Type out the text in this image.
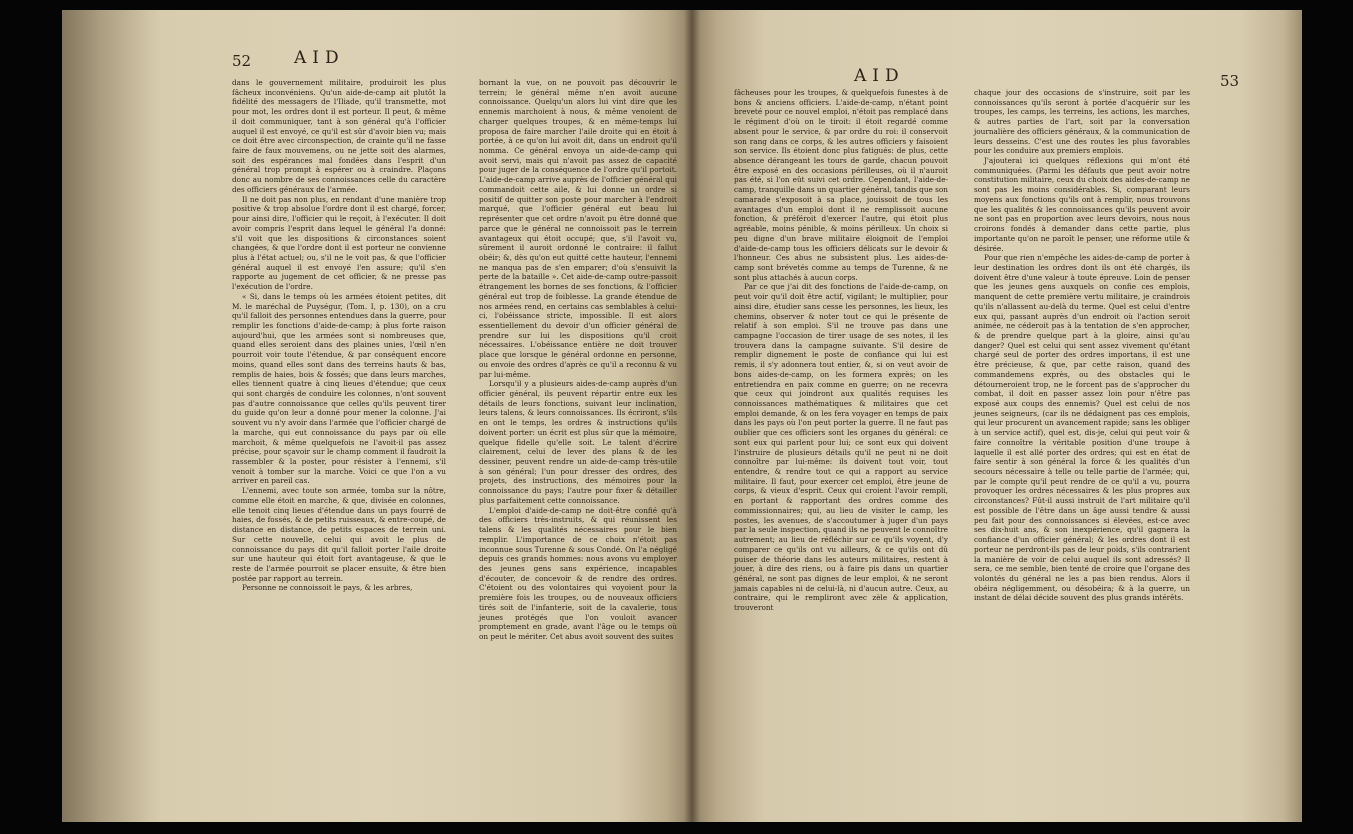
52	AID

dans le gouvernement militaire, produiroit les plus fâcheux inconvéniens. Qu'un aide-de-camp ait plutôt la fidélité des messagers de l'Iliade, qu'il transmette, mot pour mot, les ordres dont il est porteur. Il peut, & même il doit communiquer, tant à son général qu'à l'officier auquel il est envoyé, ce qu'il est sûr d'avoir bien vu; mais ce doit être avec circonspection, de crainte qu'il ne fasse faire de faux mouvemens, ou ne jette soit des alarmes, soit des espérances mal fondées dans l'esprit d'un général trop prompt à espérer ou à craindre. Plaçons donc au nombre de ses connoissances celle du caractère des officiers généraux de l'armée.

Il ne doit pas non plus, en rendant d'une manière trop positive & trop absolue l'ordre dont il est chargé, forcer, pour ainsi dire, l'officier qui le reçoit, à l'exécuter. Il doit avoir compris l'esprit dans lequel le général l'a donné: s'il voit que les dispositions & circonstances soient changées, & que l'ordre dont il est porteur ne convienne plus à l'état actuel; ou, s'il ne le voit pas, & que l'officier général auquel il est envoyé l'en assure; qu'il s'en rapporte au jugement de cet officier, & ne presse pas l'exécution de l'ordre.

« Si, dans le temps où les armées étoient petites, dit M. le maréchal de Puységur, (Tom. I, p. 130), on a cru qu'il falloit des personnes entendues dans la guerre, pour remplir les fonctions d'aide-de-camp; à plus forte raison aujourd'hui, que les armées sont si nombreuses que, quand elles seroient dans des plaines unies, l'œil n'en pourroit voir toute l'étendue, & par conséquent encore moins, quand elles sont dans des terreins hauts & bas, remplis de haies, bois & fossés; que dans leurs marches, elles tiennent quatre à cinq lieues d'étendue; que ceux qui sont chargés de conduire les colonnes, n'ont souvent pas d'autre connoissance que celles qu'ils peuvent tirer du guide qu'on leur a donné pour mener la colonne. J'ai souvent vu n'y avoir dans l'armée que l'officier chargé de la marche, qui eut connoissance du pays par où elle marchoit, & même quelquefois ne l'avoit-il pas assez précise, pour sçavoir sur le champ comment il faudroit la rassembler & la poster, pour résister à l'ennemi, s'il venoit à tomber sur la marche. Voici ce que l'on a vu arriver en pareil cas.

L'ennemi, avec toute son armée, tomba sur la nôtre, comme elle étoit en marche, & que, divisée en colonnes, elle tenoit cinq lieues d'étendue dans un pays fourré de haies, de fossés, & de petits ruisseaux, & entre-coupé, de distance en distance, de petits espaces de terrein uni. Sur cette nouvelle, celui qui avoit le plus de connoissance du pays dit qu'il falloit porter l'aile droite sur une hauteur qui étoit fort avantageuse, & que le reste de l'armée pourroit se placer ensuite, & être bien postée par rapport au terrein.

Personne ne connoissoit le pays, & les arbres,

bornant la vue, on ne pouvoit pas découvrir le terrein; le général même n'en avoit aucune connoissance. Quelqu'un alors lui vint dire que les ennemis marchoient à nous, & même venoient de charger quelques troupes, & en même-temps lui proposa de faire marcher l'aile droite qui en étoit à portée, à ce qu'on lui avoit dit, dans un endroit qu'il nomma. Ce général envoya un aide-de-camp qui avoit servi, mais qui n'avoit pas assez de capacité pour juger de la conséquence de l'ordre qu'il portoit. L'aide-de-camp arrive auprès de l'officier général qui commandoit cette aile, & lui donne un ordre si positif de quitter son poste pour marcher à l'endroit marqué, que l'officier général eut beau lui représenter que cet ordre n'avoit pu être donné que parce que le général ne connoissoit pas le terrein avantageux qui étoit occupé; que, s'il l'avoit vu, sûrement il auroit ordonné le contraire: il fallut obéir; &, dès qu'on eut quitté cette hauteur, l'ennemi ne manqua pas de s'en emparer; d'où s'ensuivit la perte de la bataille ». Cet aide-de-camp outre-passoit étrangement les bornes de ses fonctions, & l'officier général eut trop de foiblesse. La grande étendue de nos armées rend, en certains cas semblables à celui-ci, l'obéissance stricte, impossible. Il est alors essentiellement du devoir d'un officier général de prendre sur lui les dispositions qu'il croit nécessaires. L'obéissance entière ne doit trouver place que lorsque le général ordonne en personne, ou envoie des ordres d'après ce qu'il a reconnu & vu par lui-même.

Lorsqu'il y a plusieurs aides-de-camp auprès d'un officier général, ils peuvent répartir entre eux les détails de leurs fonctions, suivant leur inclination, leurs talens, & leurs connoissances. Ils écriront, s'ils en ont le temps, les ordres & instructions qu'ils doivent porter: un écrit est plus sûr que la mémoire, quelque fidelle qu'elle soit. Le talent d'écrire clairement, celui de lever des plans & de les dessiner, peuvent rendre un aide-de-camp très-utile à son général; l'un pour dresser des ordres, des projets, des instructions, des mémoires pour la connoissance du pays; l'autre pour fixer & détailler plus parfaitement cette connoissance.

L'emploi d'aide-de-camp ne doit-être confié qu'à des officiers très-instruits, & qui réunissent les talens & les qualités nécessaires pour le bien remplir. L'importance de ce choix n'étoit pas inconnue sous Turenne & sous Condé. On l'a négligé depuis ces grands hommes: nous avons vu employer des jeunes gens sans expérience, incapables d'écouter, de concevoir & de rendre des ordres. C'étoient ou des volontaires qui voyoient pour la première fois les troupes, ou de nouveaux officiers tirés soit de l'infanterie, soit de la cavalerie, tous jeunes protégés que l'on vouloit avancer promptement en grade, avant l'âge ou le temps où on peut le mériter. Cet abus avoit souvent des suites

AID	53

fâcheuses pour les troupes, & quelquefois funestes à de bons & anciens officiers. L'aide-de-camp, n'étant point breveté pour ce nouvel emploi, n'étoit pas remplacé dans le régiment d'où on le tiroit: il étoit regardé comme absent pour le service, & par ordre du roi: il conservoit son rang dans ce corps, & les autres officiers y faisoient son service. Ils étoient donc plus fatigués: de plus, cette absence dérangeant les tours de garde, chacun pouvoit être exposé en des occasions périlleuses, où il n'auroit pas été, si l'on eût suivi cet ordre. Cependant, l'aide-de-camp, tranquille dans un quartier général, tandis que son camarade s'exposoit à sa place, jouissoit de tous les avantages d'un emploi dont il ne remplissoit aucune fonction, & préféroit d'exercer l'autre, qui étoit plus agréable, moins pénible, & moins périlleux. Un choix si peu digne d'un brave militaire éloignoit de l'emploi d'aide-de-camp tous les officiers délicats sur le devoir & l'honneur. Ces abus ne subsistent plus. Les aides-de-camp sont brévetés comme au temps de Turenne, & ne sont plus attachés à aucun corps.

Par ce que j'ai dit des fonctions de l'aide-de-camp, on peut voir qu'il doit être actif, vigilant; le multiplier, pour ainsi dire, étudier sans cesse les personnes, les lieux, les chemins, observer & noter tout ce qui le présente de relatif à son emploi. S'il ne trouve pas dans une campagne l'occasion de tirer usage de ses notes, il les trouvera dans la campagne suivante. S'il desire de remplir dignement le poste de confiance qui lui est remis, il s'y adonnera tout entier, &, si on veut avoir de bons aides-de-camp, on les formera exprès; on les entretiendra en paix comme en guerre; on ne recevra que ceux qui joindront aux qualités requises les connoissances mathématiques & militaires que cet emploi demande, & on les fera voyager en temps de paix dans les pays où l'on peut porter la guerre. Il ne faut pas oublier que ces officiers sont les organes du général: ce sont eux qui parlent pour lui; ce sont eux qui doivent l'instruire de plusieurs détails qu'il ne peut ni ne doit connoître par lui-même: ils doivent tout voir, tout entendre, & rendre tout ce qui a rapport au service militaire. Il faut, pour exercer cet emploi, être jeune de corps, & vieux d'esprit. Ceux qui croient l'avoir rempli, en portant & rapportant des ordres comme des commissionnaires; qui, au lieu de visiter le camp, les postes, les avenues, de s'accoutumer à juger d'un pays par la seule inspection, quand ils ne peuvent le connoître autrement; au lieu de réfléchir sur ce qu'ils voyent, d'y comparer ce qu'ils ont vu ailleurs, & ce qu'ils ont dû puiser de théorie dans les auteurs militaires, restent à jouer, à dire des riens, ou à faire pis dans un quartier général, ne sont pas dignes de leur emploi, & ne seront jamais capables ni de celui-là, ni d'aucun autre. Ceux, au contraire, qui le rempliront avec zèle & application, trouveront

chaque jour des occasions de s'instruire, soit par les connoissances qu'ils seront à portée d'acquérir sur les troupes, les camps, les terreins, les actions, les marches, & autres parties de l'art, soit par la conversation journalière des officiers généraux, & la communication de leurs desseins. C'est une des routes les plus favorables pour les conduire aux premiers emplois.

J'ajouterai ici quelques réflexions qui m'ont été communiquées. (Parmi les défauts que peut avoir notre constitution militaire, ceux du choix des aides-de-camp ne sont pas les moins considérables. Si, comparant leurs moyens aux fonctions qu'ils ont à remplir, nous trouvons que les qualités & les connoissances qu'ils peuvent avoir ne sont pas en proportion avec leurs devoirs, nous nous croirons fondés à demander dans cette partie, plus importante qu'on ne paroît le penser, une réforme utile & désirée.

Pour que rien n'empêche les aides-de-camp de porter à leur destination les ordres dont ils ont été chargés, ils doivent être d'une valeur à toute épreuve. Loin de penser que les jeunes gens auxquels on confie ces emplois, manquent de cette première vertu militaire, je craindrois qu'ils n'allassent au-delà du terme. Quel est celui d'entre eux qui, passant auprès d'un endroit où l'action seroit animée, ne céderoit pas à la tentation de s'en approcher, & de prendre quelque part à la gloire, ainsi qu'au danger? Quel est celui qui sent assez vivement qu'étant chargé seul de porter des ordres importans, il est une être précieuse, & que, par cette raison, quand des commandemens exprès, ou des obstacles qui le détourneroient trop, ne le forcent pas de s'approcher du combat, il doit en passer assez loin pour n'être pas exposé aux coups des ennemis? Quel est celui de nos jeunes seigneurs, (car ils ne dédaignent pas ces emplois, qui leur procurent un avancement rapide; sans les obliger à un service actif), quel est, dis-je, celui qui peut voir & faire connoître la véritable position d'une troupe à laquelle il est allé porter des ordres; qui est en état de faire sentir à son général la force & les qualités d'un secours nécessaire à telle ou telle partie de l'armée; qui, par le compte qu'il peut rendre de ce qu'il a vu, pourra provoquer les ordres nécessaires & les plus propres aux circonstances? Fût-il aussi instruit de l'art militaire qu'il est possible de l'être dans un âge aussi tendre & aussi peu fait pour des connoissances si élevées, est-ce avec ses dix-huit ans, & son inexpérience, qu'il gagnera la confiance d'un officier général; & les ordres dont il est porteur ne perdront-ils pas de leur poids, s'ils contrarient la manière de voir de celui auquel ils sont adressés? Il sera, ce me semble, bien tenté de croire que l'organe des volontés du général ne les a pas bien rendus. Alors il obéira négligemment, ou désobéira; & à la guerre, un instant de délai décide souvent des plus grands intérêts.
